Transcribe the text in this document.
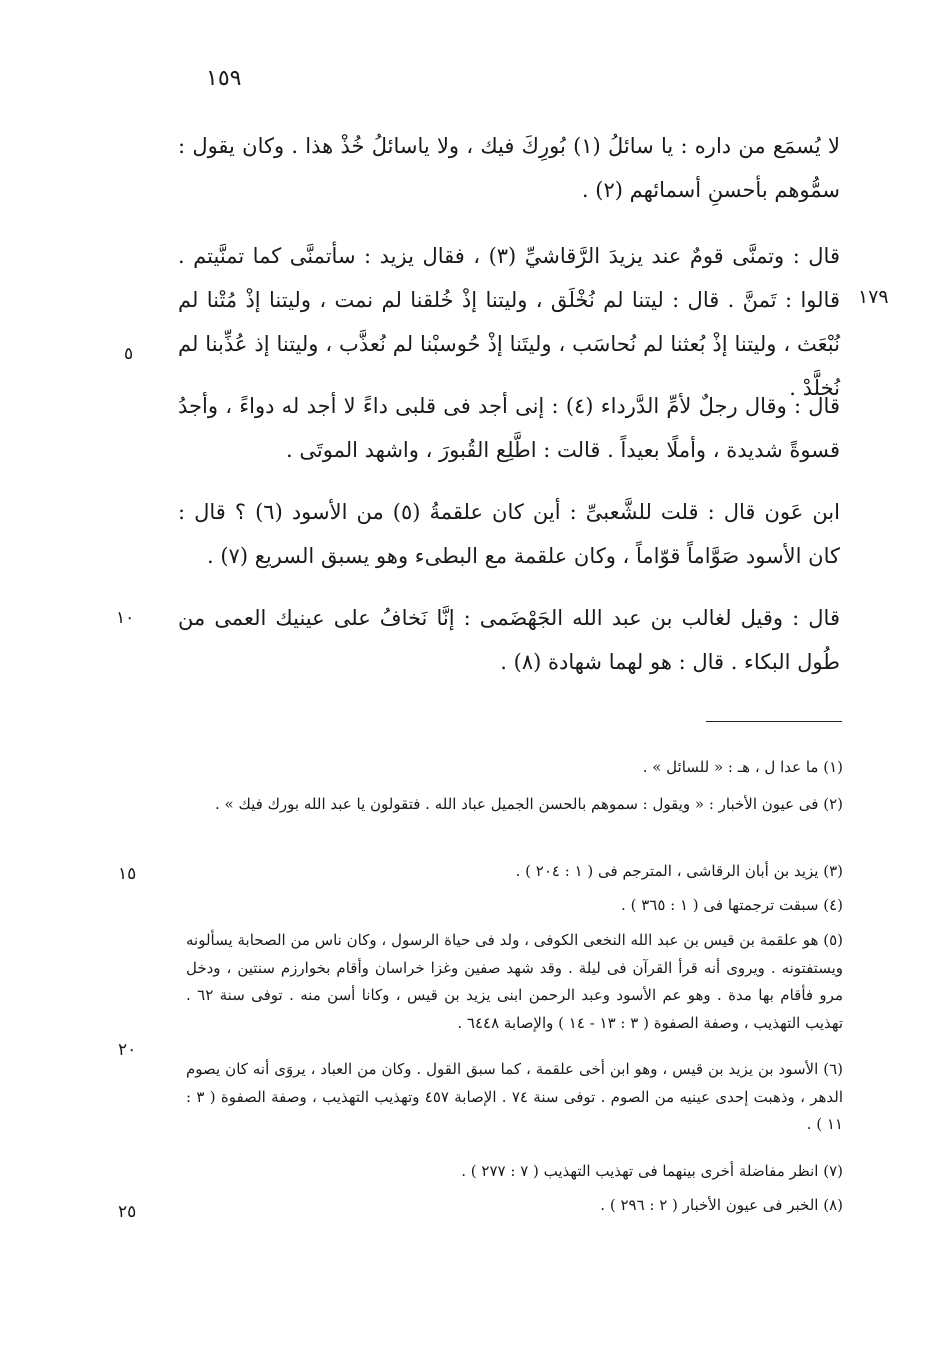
١٥٩

لا يُسمَع من داره : يا سائلُ (١) بُورِكَ فيك ، ولا ياسائلُ خُذْ هذا . وكان يقول : سمُّوهم بأحسنِ أسمائهم (٢) .

قال : وتمنَّى قومٌ عند يزيدَ الرَّقاشيِّ (٣) ، فقال يزيد : سأتمنَّى كما تمنَّيتم . قالوا : تَمنَّ . قال : ليتنا لم نُخْلَق ، وليتنا إذْ خُلقنا لم نمت ، وليتنا إذْ مُتْنا لم نُبْعَث ، وليتنا إذْ بُعثنا لم نُحاسَب ، وليتَنا إذْ حُوسبْنا لم نُعذَّب ، وليتنا إذ عُذِّبنا لم نُخلَّدْ .

قال : وقال رجلٌ لأمِّ الدَّرداء (٤) : إنى أجد فى قلبى داءً لا أجد له دواءً ، وأجدُ قسوةً شديدة ، وأملًا بعيداً . قالت : اطَّلِع القُبورَ ، واشهد الموتَى .

ابن عَون قال : قلت للشَّعبىِّ : أين كان علقمةُ (٥) من الأسود (٦) ؟ قال : كان الأسود صَوَّاماً قوّاماً ، وكان علقمة مع البطىء وهو يسبق السريع (٧) .

قال : وقيل لغالب بن عبد الله الجَهْضَمى : إنَّا نَخافُ على عينيك العمى من طُول البكاء . قال : هو لهما شهادة (٨) .

١٧٩
٥
١٠

(١) ما عدا ل ، هـ : « للسائل » .

(٢) فى عيون الأخبار : « ويقول : سموهم بالحسن الجميل عباد الله . فتقولون يا عبد الله بورك فيك » .

(٣) يزيد بن أبان الرقاشى ، المترجم فى ( ١ : ٢٠٤ ) .

(٤) سبقت ترجمتها فى ( ١ : ٣٦٥ ) .

(٥) هو علقمة بن قيس بن عبد الله النخعى الكوفى ، ولد فى حياة الرسول ، وكان ناس من الصحابة يسألونه ويستفتونه . ويروى أنه قرأ القرآن فى ليلة . وقد شهد صفين وغزا خراسان وأقام بخوارزم سنتين ، ودخل مرو فأقام بها مدة . وهو عم الأسود وعبد الرحمن ابنى يزيد بن قيس ، وكانا أسن منه . توفى سنة ٦٢ . تهذيب التهذيب ، وصفة الصفوة ( ٣ : ١٣ - ١٤ ) والإصابة ٦٤٤٨ .

(٦) الأسود بن يزيد بن قيس ، وهو ابن أخى علقمة ، كما سبق القول . وكان من العباد ، يروَى أنه كان يصوم الدهر ، وذهبت إحدى عينيه من الصوم . توفى سنة ٧٤ . الإصابة ٤٥٧ وتهذيب التهذيب ، وصفة الصفوة ( ٣ : ١١ ) .

(٧) انظر مفاضلة أخرى بينهما فى تهذيب التهذيب ( ٧ : ٢٧٧ ) .

(٨) الخبر فى عيون الأخبار ( ٢ : ٢٩٦ ) .

١٥
٢٠
٢٥
